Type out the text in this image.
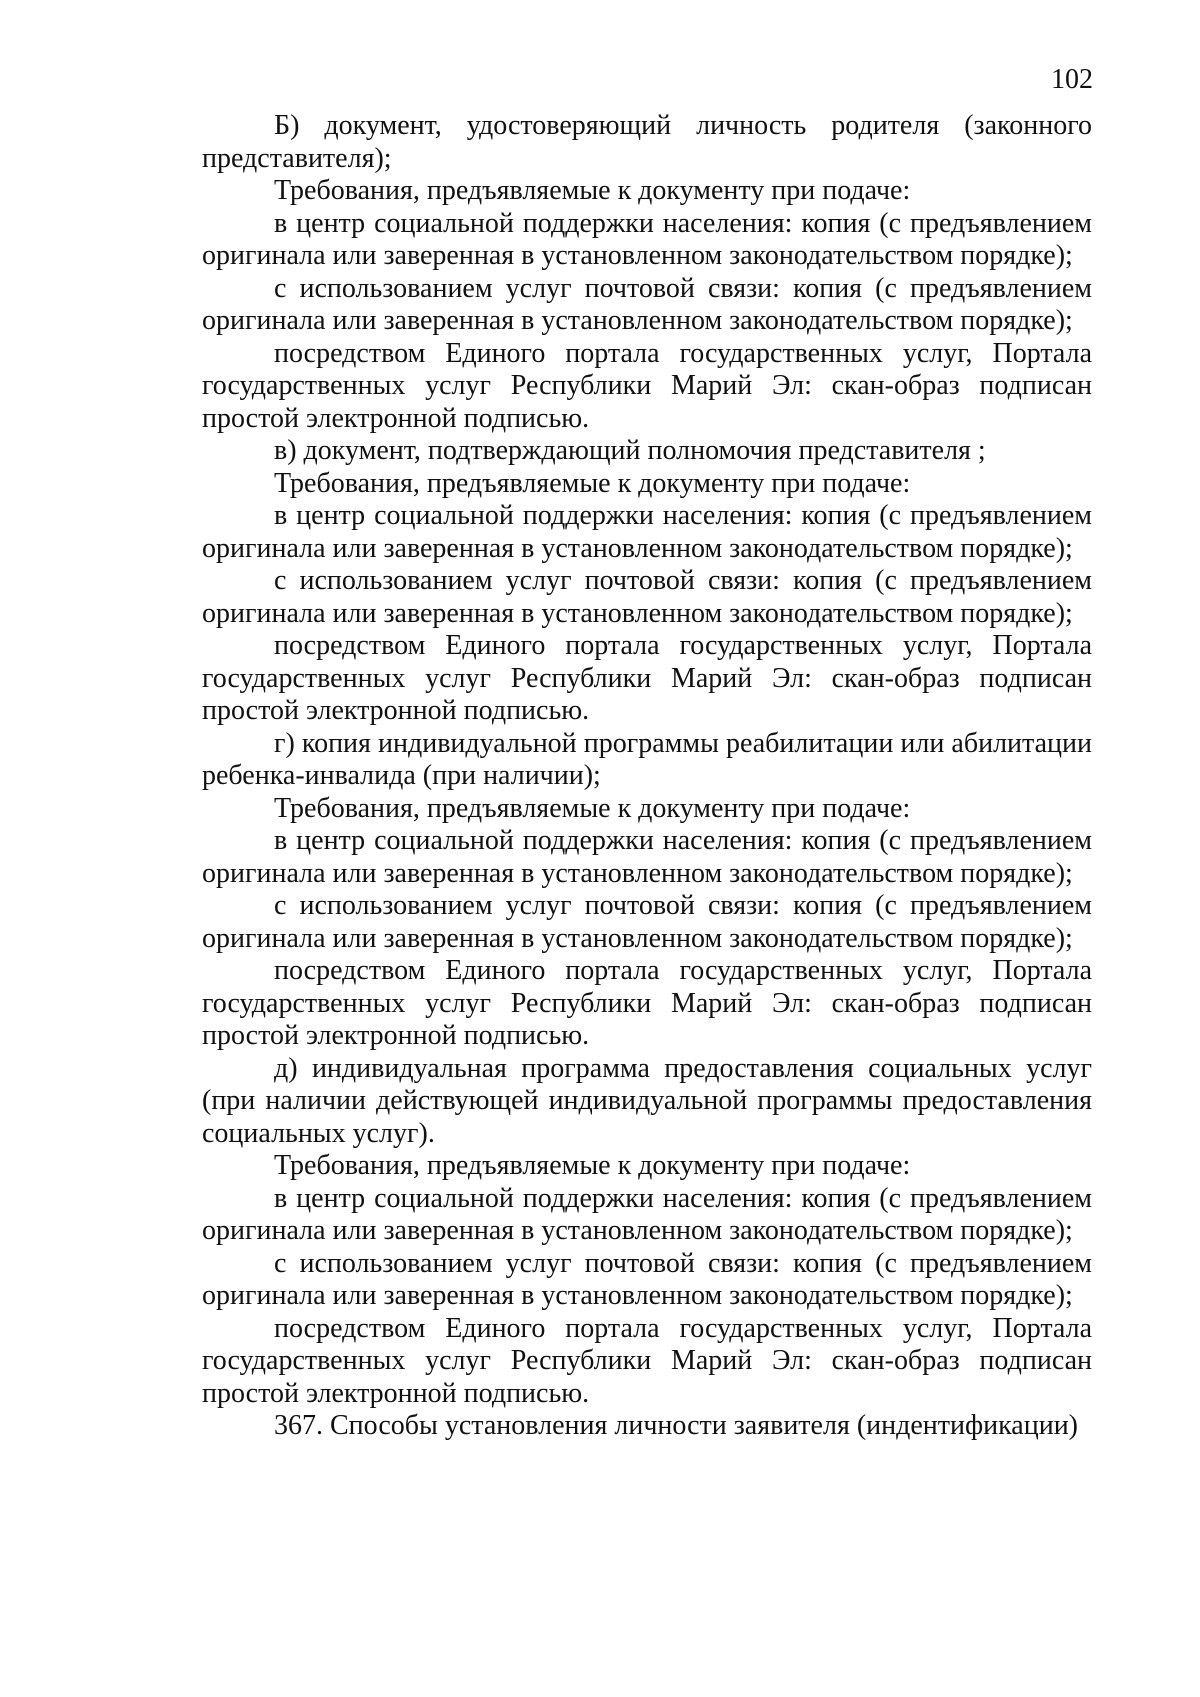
102

Б) документ, удостоверяющий личность родителя (законного представителя);

Требования, предъявляемые к документу при подаче:

в центр социальной поддержки населения: копия (с предъявлением оригинала или заверенная в установленном законодательством порядке);

с использованием услуг почтовой связи: копия (с предъявлением оригинала или заверенная в установленном законодательством порядке);

посредством Единого портала государственных услуг, Портала государственных услуг Республики Марий Эл: скан-образ подписан простой электронной подписью.

в) документ, подтверждающий полномочия представителя ;

Требования, предъявляемые к документу при подаче:

в центр социальной поддержки населения: копия (с предъявлением оригинала или заверенная в установленном законодательством порядке);

с использованием услуг почтовой связи: копия (с предъявлением оригинала или заверенная в установленном законодательством порядке);

посредством Единого портала государственных услуг, Портала государственных услуг Республики Марий Эл: скан-образ подписан простой электронной подписью.

г) копия индивидуальной программы реабилитации или абилитации ребенка-инвалида (при наличии);

Требования, предъявляемые к документу при подаче:

в центр социальной поддержки населения: копия (с предъявлением оригинала или заверенная в установленном законодательством порядке);

с использованием услуг почтовой связи: копия (с предъявлением оригинала или заверенная в установленном законодательством порядке);

посредством Единого портала государственных услуг, Портала государственных услуг Республики Марий Эл: скан-образ подписан простой электронной подписью.

д) индивидуальная программа предоставления социальных услуг (при наличии действующей индивидуальной программы предоставления социальных услуг).

Требования, предъявляемые к документу при подаче:

в центр социальной поддержки населения: копия (с предъявлением оригинала или заверенная в установленном законодательством порядке);

с использованием услуг почтовой связи: копия (с предъявлением оригинала или заверенная в установленном законодательством порядке);

посредством Единого портала государственных услуг, Портала государственных услуг Республики Марий Эл: скан-образ подписан простой электронной подписью.

367. Способы установления личности заявителя (индентификации)
